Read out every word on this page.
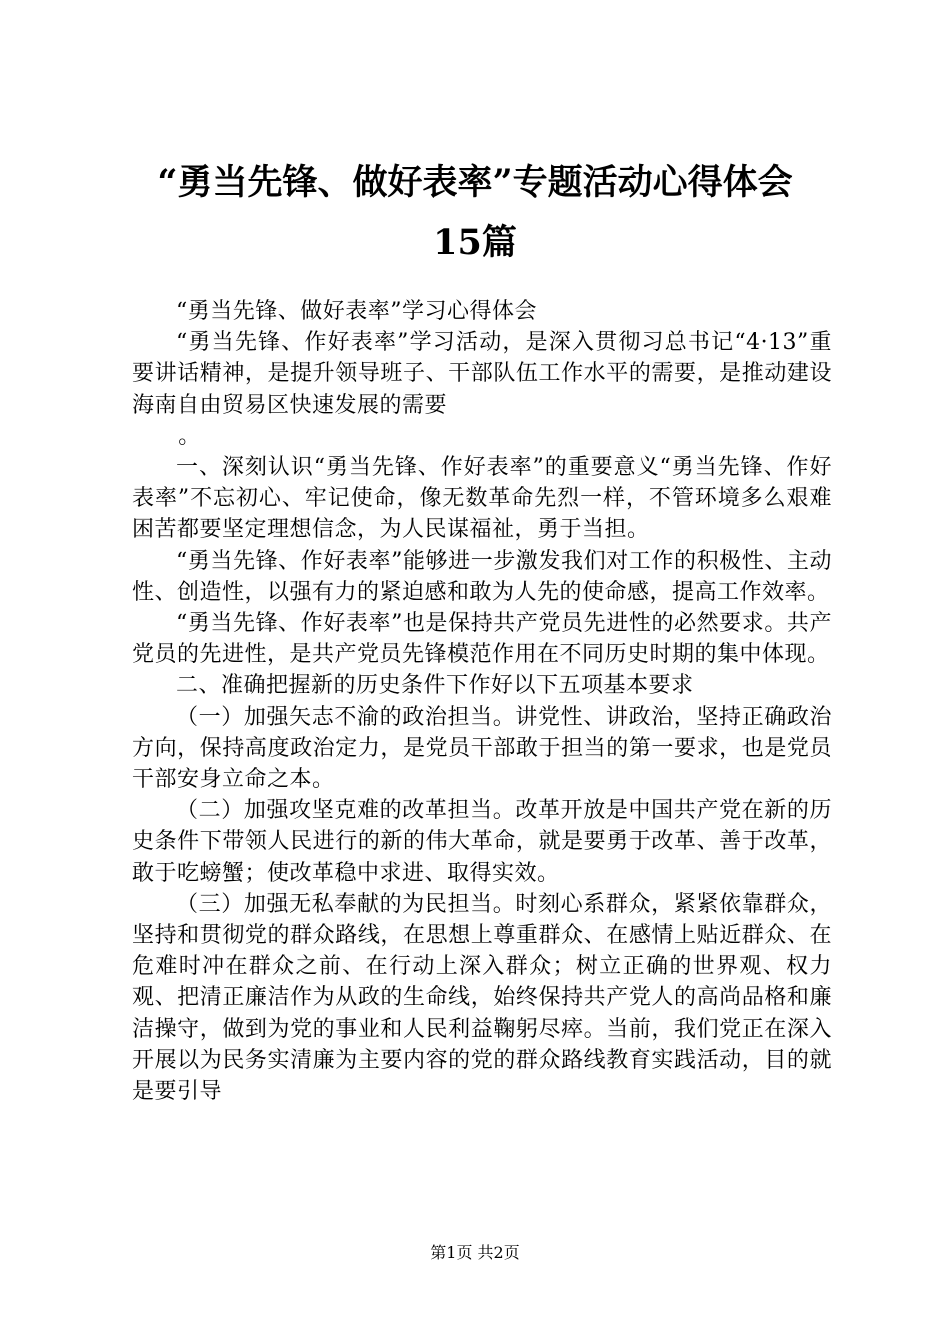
“勇当先锋、做好表率”专题活动心得体会
15篇

“勇当先锋、做好表率”学习心得体会

“勇当先锋、作好表率”学习活动，是深入贯彻习总书记“4·13”重要讲话精神，是提升领导班子、干部队伍工作水平的需要，是推动建设海南自由贸易区快速发展的需要

。

一、深刻认识“勇当先锋、作好表率”的重要意义“勇当先锋、作好表率”不忘初心、牢记使命，像无数革命先烈一样，不管环境多么艰难困苦都要坚定理想信念，为人民谋福祉，勇于当担。

“勇当先锋、作好表率”能够进一步激发我们对工作的积极性、主动性、创造性，以强有力的紧迫感和敢为人先的使命感，提高工作效率。

“勇当先锋、作好表率”也是保持共产党员先进性的必然要求。共产党员的先进性，是共产党员先锋模范作用在不同历史时期的集中体现。

二、准确把握新的历史条件下作好以下五项基本要求

（一）加强矢志不渝的政治担当。讲党性、讲政治，坚持正确政治方向，保持高度政治定力，是党员干部敢于担当的第一要求，也是党员干部安身立命之本。

（二）加强攻坚克难的改革担当。改革开放是中国共产党在新的历史条件下带领人民进行的新的伟大革命，就是要勇于改革、善于改革，敢于吃螃蟹；使改革稳中求进、取得实效。

（三）加强无私奉献的为民担当。时刻心系群众，紧紧依靠群众，坚持和贯彻党的群众路线，在思想上尊重群众、在感情上贴近群众、在危难时冲在群众之前、在行动上深入群众；树立正确的世界观、权力观、把清正廉洁作为从政的生命线，始终保持共产党人的高尚品格和廉洁操守，做到为党的事业和人民利益鞠躬尽瘁。当前，我们党正在深入开展以为民务实清廉为主要内容的党的群众路线教育实践活动，目的就是要引导

第1页 共2页
